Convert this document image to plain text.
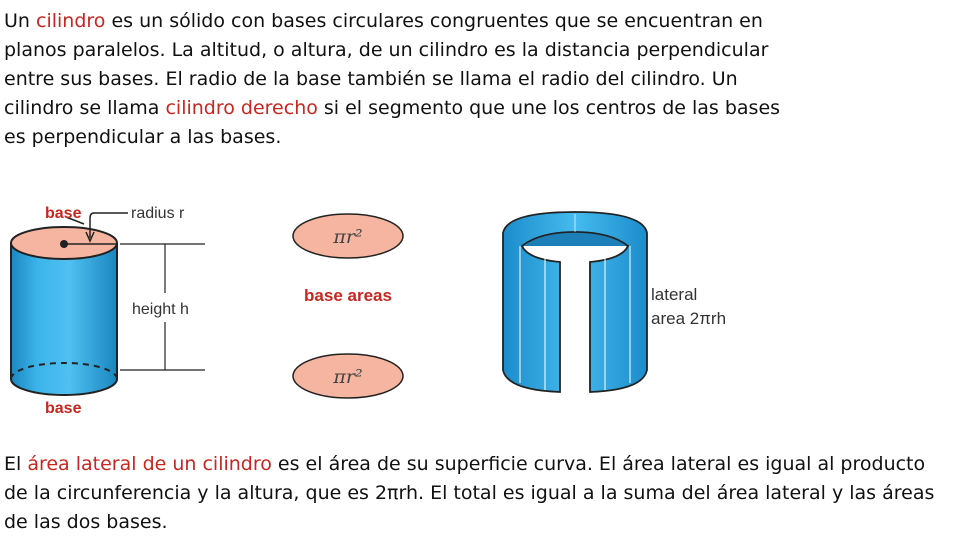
Un cilindro es un sólido con bases circulares congruentes que se encuentran en planos paralelos. La altitud, o altura, de un cilindro es la distancia perpendicular entre sus bases. El radio de la base también se llama el radio del cilindro. Un cilindro se llama cilindro derecho si el segmento que une los centros de las bases es perpendicular a las bases.
base	radius r
height h
base
πr²
base areas
πr²
lateral
area 2πrh
El área lateral de un cilindro es el área de su superficie curva. El área lateral es igual al producto de la circunferencia y la altura, que es 2πrh. El total es igual a la suma del área lateral y las áreas de las dos bases.
